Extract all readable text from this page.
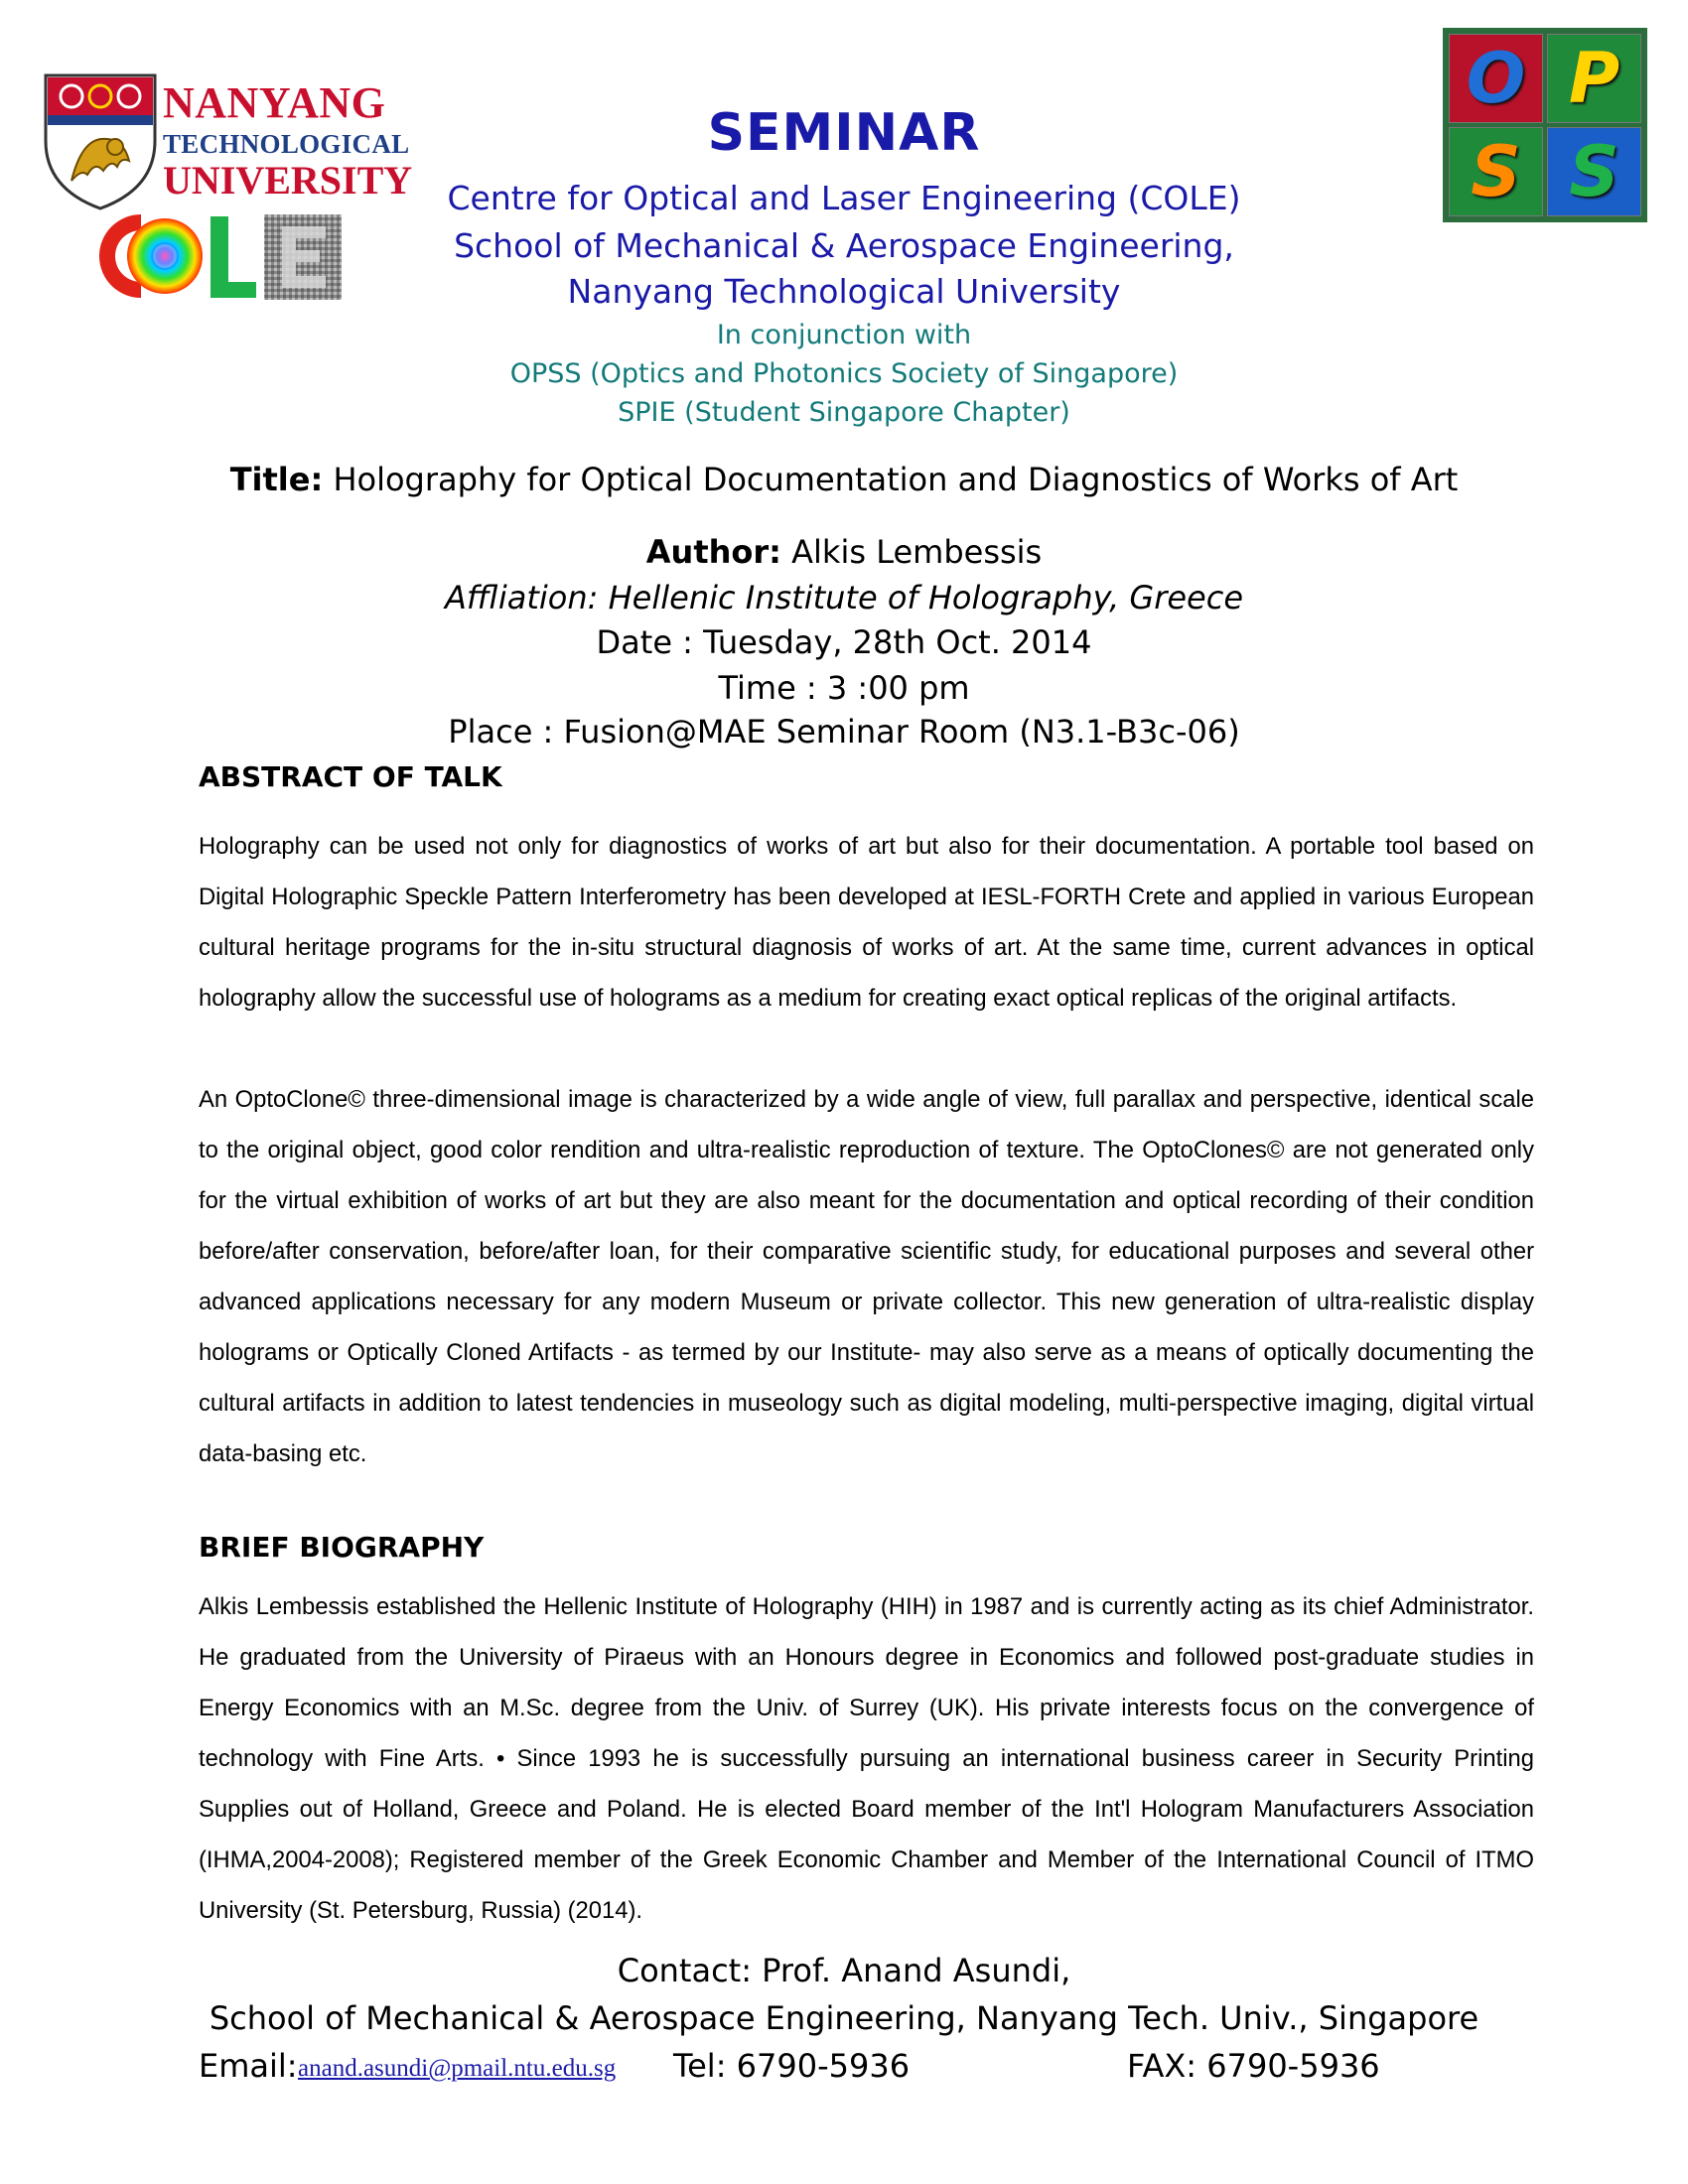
NANYANG
TECHNOLOGICAL
UNIVERSITY
O P
S S
SEMINAR
Centre for Optical and Laser Engineering (COLE)
School of Mechanical & Aerospace Engineering,
Nanyang Technological University
In conjunction with
OPSS (Optics and Photonics Society of Singapore)
SPIE (Student Singapore Chapter)
Title: Holography for Optical Documentation and Diagnostics of Works of Art
Author: Alkis Lembessis
Affliation: Hellenic Institute of Holography, Greece
Date : Tuesday, 28th Oct. 2014
Time : 3 :00 pm
Place : Fusion@MAE Seminar Room (N3.1-B3c-06)
ABSTRACT OF TALK

Holography can be used not only for diagnostics of works of art but also for their documentation. A portable tool based on Digital Holographic Speckle Pattern Interferometry has been developed at IESL-FORTH Crete and applied in various European cultural heritage programs for the in-situ structural diagnosis of works of art. At the same time, current advances in optical holography allow the successful use of holograms as a medium for creating exact optical replicas of the original artifacts.

An OptoClone© three-dimensional image is characterized by a wide angle of view, full parallax and perspective, identical scale to the original object, good color rendition and ultra-realistic reproduction of texture. The OptoClones© are not generated only for the virtual exhibition of works of art but they are also meant for the documentation and optical recording of their condition before/after conservation, before/after loan, for their comparative scientific study, for educational purposes and several other advanced applications necessary for any modern Museum or private collector. This new generation of ultra-realistic display holograms or Optically Cloned Artifacts - as termed by our Institute- may also serve as a means of optically documenting the cultural artifacts in addition to latest tendencies in museology such as digital modeling, multi-perspective imaging, digital virtual data-basing etc.

BRIEF BIOGRAPHY

Alkis Lembessis established the Hellenic Institute of Holography (HIH) in 1987 and is currently acting as its chief Administrator. He graduated from the University of Piraeus with an Honours degree in Economics and followed post-graduate studies in Energy Economics with an M.Sc. degree from the Univ. of Surrey (UK). His private interests focus on the convergence of technology with Fine Arts. • Since 1993 he is successfully pursuing an international business career in Security Printing Supplies out of Holland, Greece and Poland. He is elected Board member of the Int'l Hologram Manufacturers Association (IHMA,2004-2008); Registered member of the Greek Economic Chamber and Member of the International Council of ITMO University (St. Petersburg, Russia) (2014).

Contact: Prof. Anand Asundi,
School of Mechanical & Aerospace Engineering, Nanyang Tech. Univ., Singapore
Email: anand.asundi@pmail.ntu.edu.sg Tel: 6790-5936	FAX: 6790-5936
